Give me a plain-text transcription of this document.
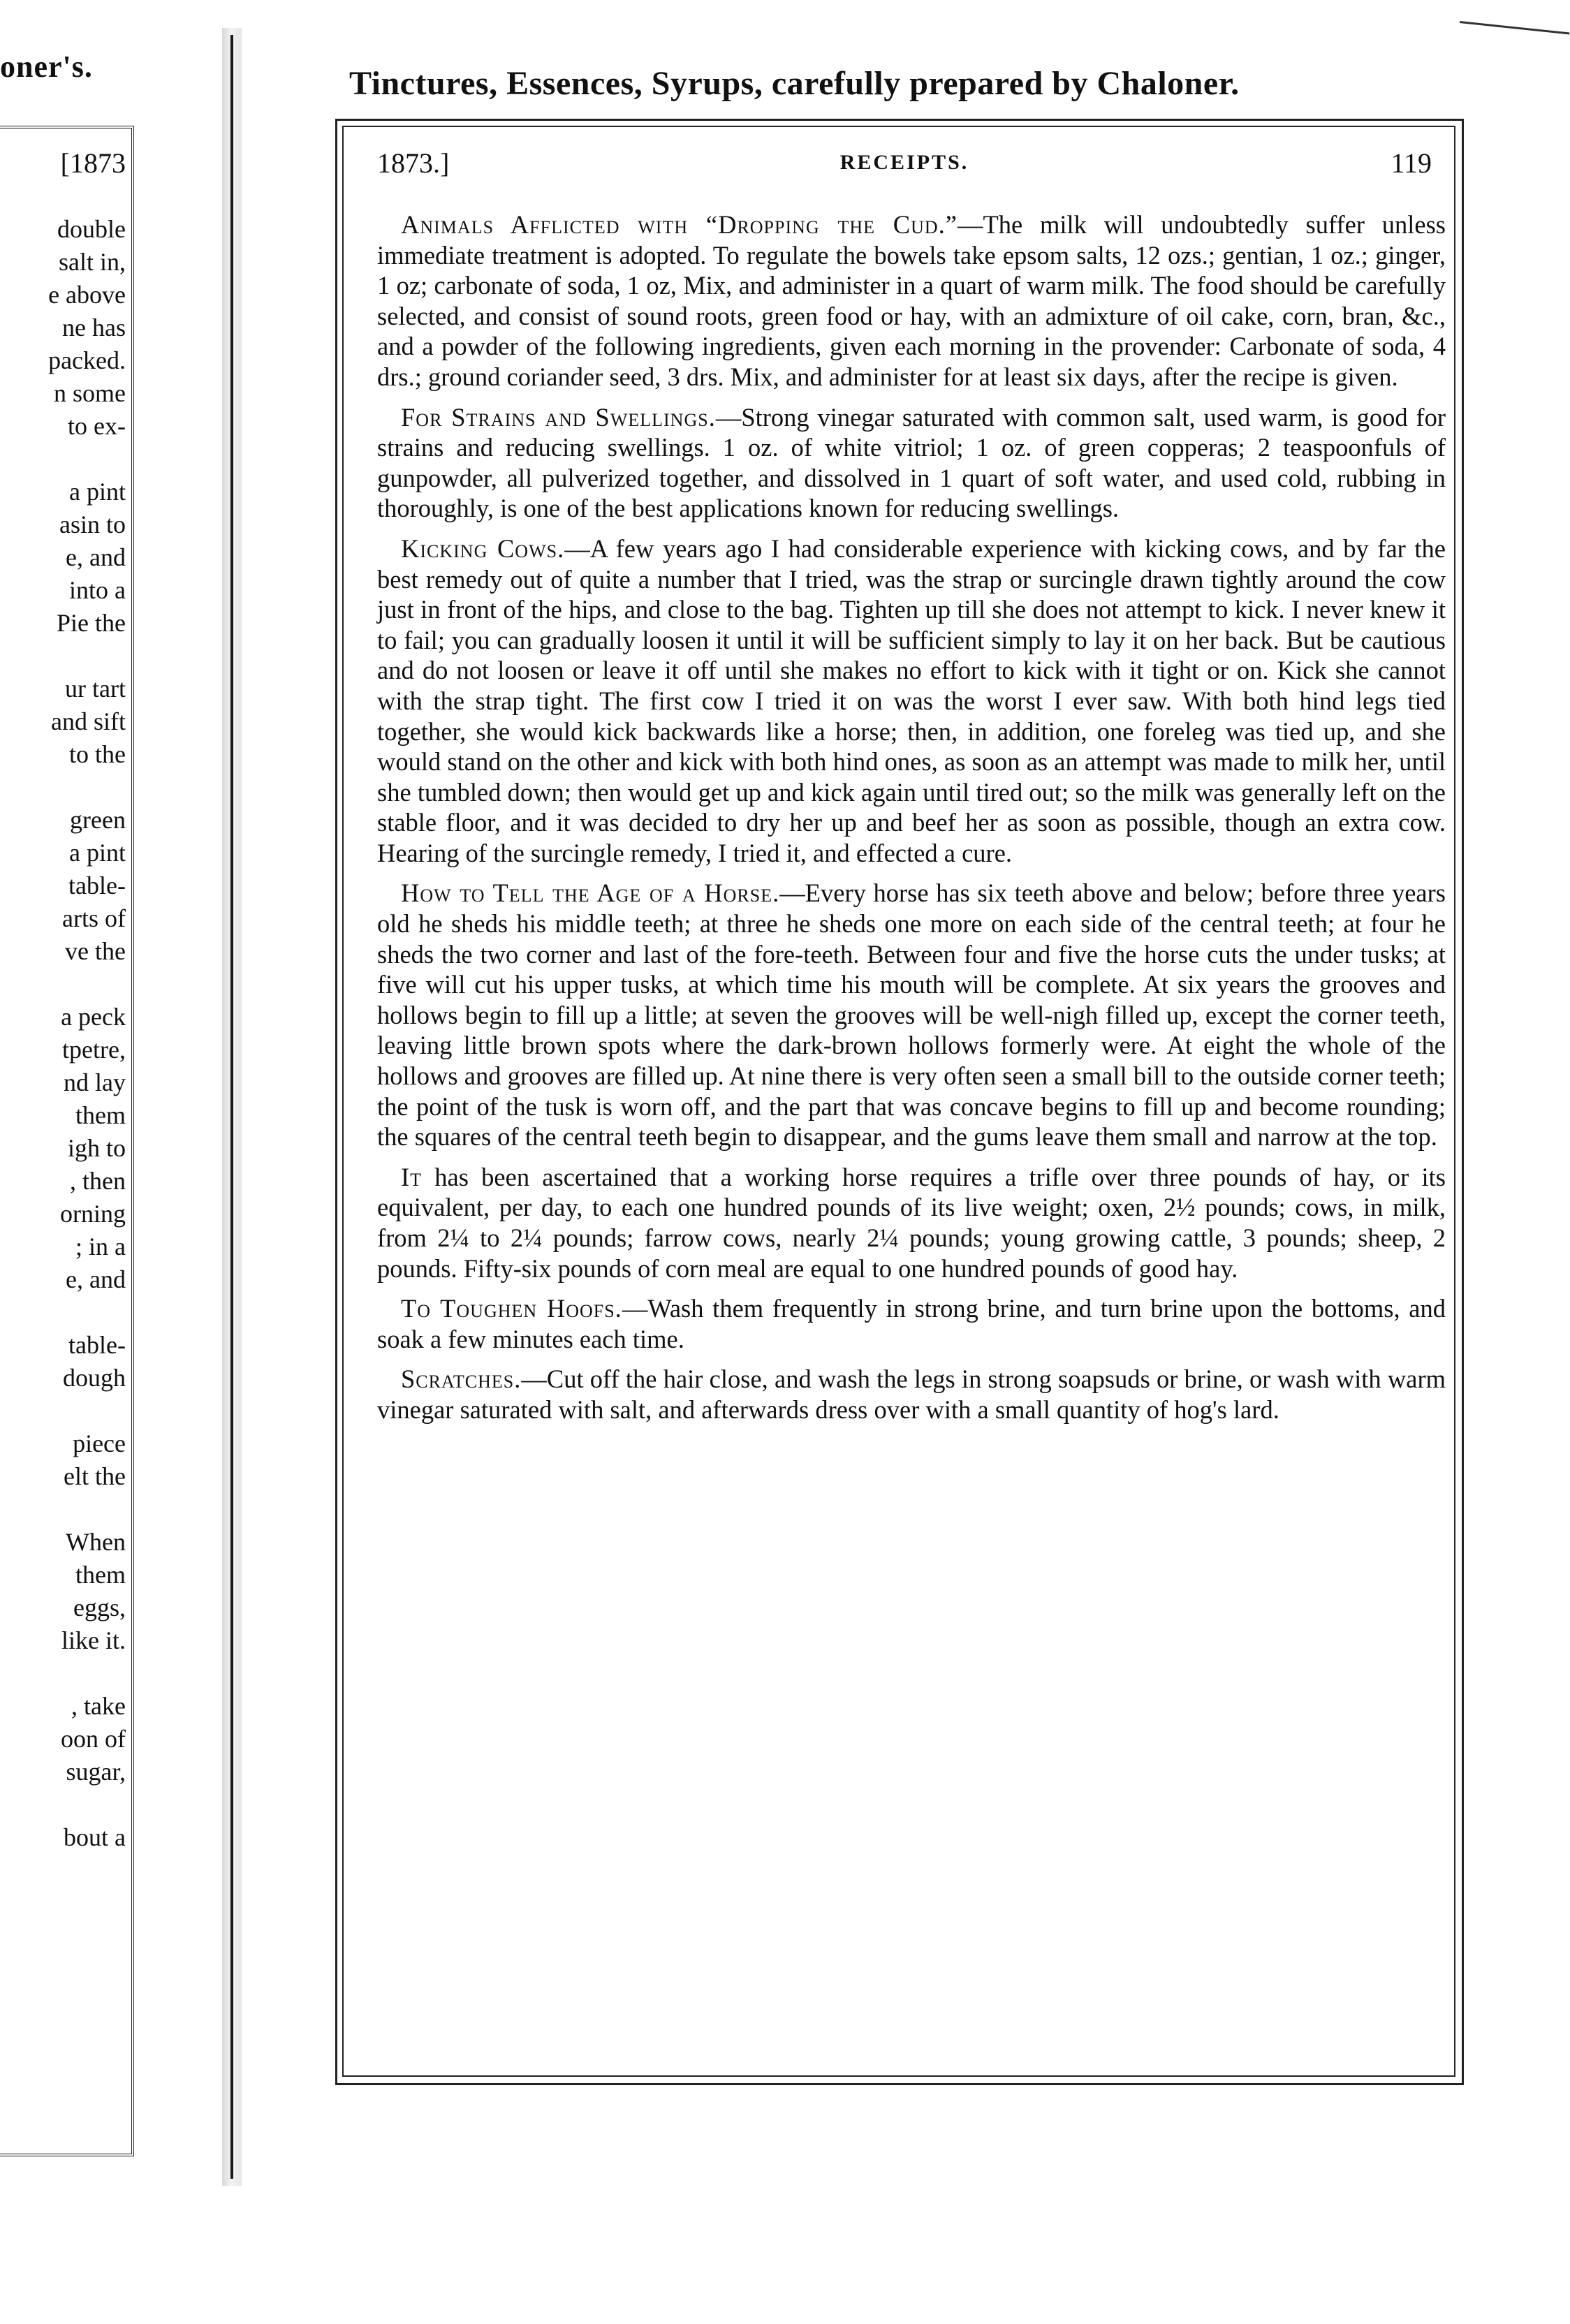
oner's.
[1873
double
salt in,
e above
ne has
packed.
n some
to ex-
a pint
asin to
e, and
into a
Pie the
ur tart
and sift
to the
green
a pint
table-
arts of
ve the
a peck
tpetre,
nd lay
them
igh to
, then
orning
; in a
e, and
table-
dough
piece
elt the
When
them
eggs,
like it.
, take
oon of
sugar,
bout a
Tinctures, Essences, Syrups, carefully prepared by Chaloner.
1873.]	RECEIPTS.	119

Animals Afflicted with “Dropping the Cud.”—The milk will undoubtedly suffer unless immediate treatment is adopted. To regulate the bowels take epsom salts, 12 ozs.; gentian, 1 oz.; ginger, 1 oz; carbonate of soda, 1 oz, Mix, and administer in a quart of warm milk. The food should be carefully selected, and consist of sound roots, green food or hay, with an admixture of oil cake, corn, bran, &c., and a powder of the following ingredients, given each morning in the provender: Carbonate of soda, 4 drs.; ground coriander seed, 3 drs. Mix, and administer for at least six days, after the recipe is given.

For Strains and Swellings.—Strong vinegar saturated with common salt, used warm, is good for strains and reducing swellings. 1 oz. of white vitriol; 1 oz. of green copperas; 2 teaspoonfuls of gunpowder, all pulverized together, and dissolved in 1 quart of soft water, and used cold, rubbing in thoroughly, is one of the best applications known for reducing swellings.

Kicking Cows.—A few years ago I had considerable experience with kicking cows, and by far the best remedy out of quite a number that I tried, was the strap or surcingle drawn tightly around the cow just in front of the hips, and close to the bag. Tighten up till she does not attempt to kick. I never knew it to fail; you can gradually loosen it until it will be sufficient simply to lay it on her back. But be cautious and do not loosen or leave it off until she makes no effort to kick with it tight or on. Kick she cannot with the strap tight. The first cow I tried it on was the worst I ever saw. With both hind legs tied together, she would kick backwards like a horse; then, in addition, one foreleg was tied up, and she would stand on the other and kick with both hind ones, as soon as an attempt was made to milk her, until she tumbled down; then would get up and kick again until tired out; so the milk was generally left on the stable floor, and it was decided to dry her up and beef her as soon as possible, though an extra cow. Hearing of the surcingle remedy, I tried it, and effected a cure.

How to Tell the Age of a Horse.—Every horse has six teeth above and below; before three years old he sheds his middle teeth; at three he sheds one more on each side of the central teeth; at four he sheds the two corner and last of the fore-teeth. Between four and five the horse cuts the under tusks; at five will cut his upper tusks, at which time his mouth will be complete. At six years the grooves and hollows begin to fill up a little; at seven the grooves will be well-nigh filled up, except the corner teeth, leaving little brown spots where the dark-brown hollows formerly were. At eight the whole of the hollows and grooves are filled up. At nine there is very often seen a small bill to the outside corner teeth; the point of the tusk is worn off, and the part that was concave begins to fill up and become rounding; the squares of the central teeth begin to disappear, and the gums leave them small and narrow at the top.

It has been ascertained that a working horse requires a trifle over three pounds of hay, or its equivalent, per day, to each one hundred pounds of its live weight; oxen, 2½ pounds; cows, in milk, from 2¼ to 2¼ pounds; farrow cows, nearly 2¼ pounds; young growing cattle, 3 pounds; sheep, 2 pounds. Fifty-six pounds of corn meal are equal to one hundred pounds of good hay.

To Toughen Hoofs.—Wash them frequently in strong brine, and turn brine upon the bottoms, and soak a few minutes each time.

Scratches.—Cut off the hair close, and wash the legs in strong soapsuds or brine, or wash with warm vinegar saturated with salt, and afterwards dress over with a small quantity of hog's lard.
